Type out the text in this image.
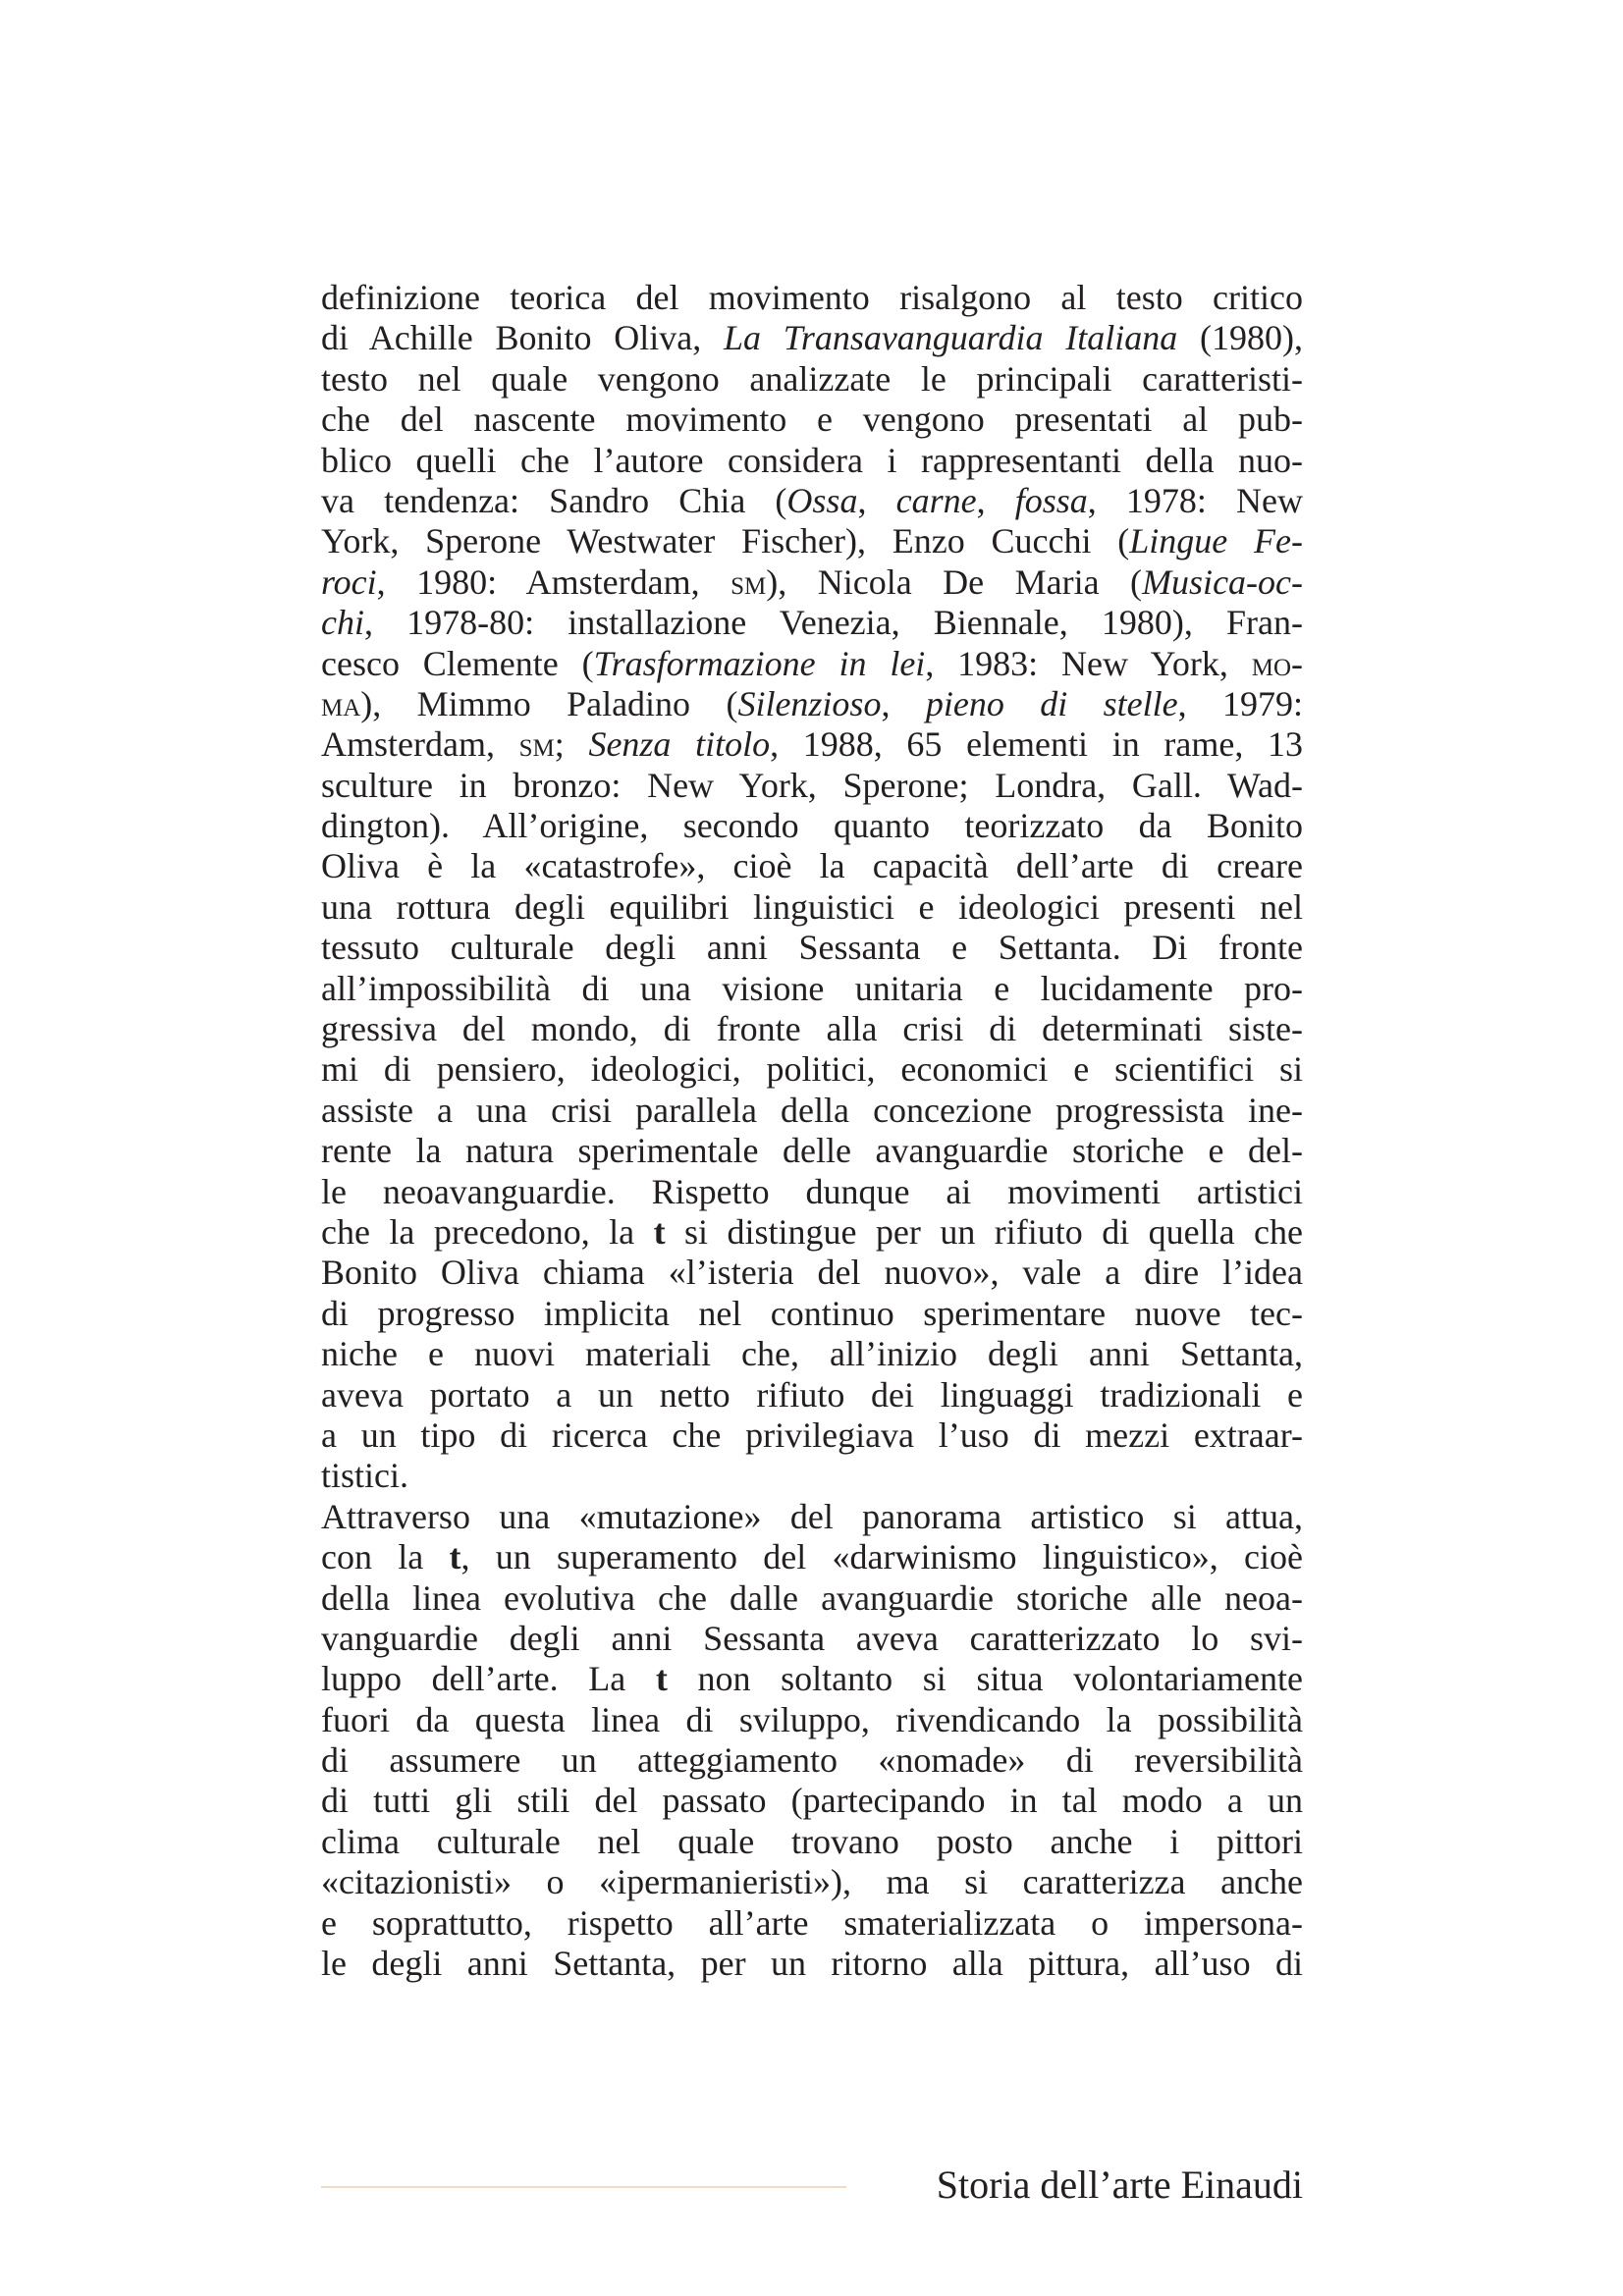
definizione teorica del movimento risalgono al testo critico
di Achille Bonito Oliva, La Transavanguardia Italiana (1980),
testo nel quale vengono analizzate le principali caratteristi-
che del nascente movimento e vengono presentati al pub-
blico quelli che l’autore considera i rappresentanti della nuo-
va tendenza: Sandro Chia (Ossa, carne, fossa, 1978: New
York, Sperone Westwater Fischer), Enzo Cucchi (Lingue Fe-
roci, 1980: Amsterdam, sm), Nicola De Maria (Musica-oc-
chi, 1978-80: installazione Venezia, Biennale, 1980), Fran-
cesco Clemente (Trasformazione in lei, 1983: New York, mo-
ma), Mimmo Paladino (Silenzioso, pieno di stelle, 1979:
Amsterdam, sm; Senza titolo, 1988, 65 elementi in rame, 13
sculture in bronzo: New York, Sperone; Londra, Gall. Wad-
dington). All’origine, secondo quanto teorizzato da Bonito
Oliva è la «catastrofe», cioè la capacità dell’arte di creare
una rottura degli equilibri linguistici e ideologici presenti nel
tessuto culturale degli anni Sessanta e Settanta. Di fronte
all’impossibilità di una visione unitaria e lucidamente pro-
gressiva del mondo, di fronte alla crisi di determinati siste-
mi di pensiero, ideologici, politici, economici e scientifici si
assiste a una crisi parallela della concezione progressista ine-
rente la natura sperimentale delle avanguardie storiche e del-
le neoavanguardie. Rispetto dunque ai movimenti artistici
che la precedono, la t si distingue per un rifiuto di quella che
Bonito Oliva chiama «l’isteria del nuovo», vale a dire l’idea
di progresso implicita nel continuo sperimentare nuove tec-
niche e nuovi materiali che, all’inizio degli anni Settanta,
aveva portato a un netto rifiuto dei linguaggi tradizionali e
a un tipo di ricerca che privilegiava l’uso di mezzi extraar-
tistici.
Attraverso una «mutazione» del panorama artistico si attua,
con la t, un superamento del «darwinismo linguistico», cioè
della linea evolutiva che dalle avanguardie storiche alle neoa-
vanguardie degli anni Sessanta aveva caratterizzato lo svi-
luppo dell’arte. La t non soltanto si situa volontariamente
fuori da questa linea di sviluppo, rivendicando la possibilità
di assumere un atteggiamento «nomade» di reversibilità
di tutti gli stili del passato (partecipando in tal modo a un
clima culturale nel quale trovano posto anche i pittori
«citazionisti» o «ipermanieristi»), ma si caratterizza anche
e soprattutto, rispetto all’arte smaterializzata o impersona-
le degli anni Settanta, per un ritorno alla pittura, all’uso di
Storia dell’arte Einaudi
